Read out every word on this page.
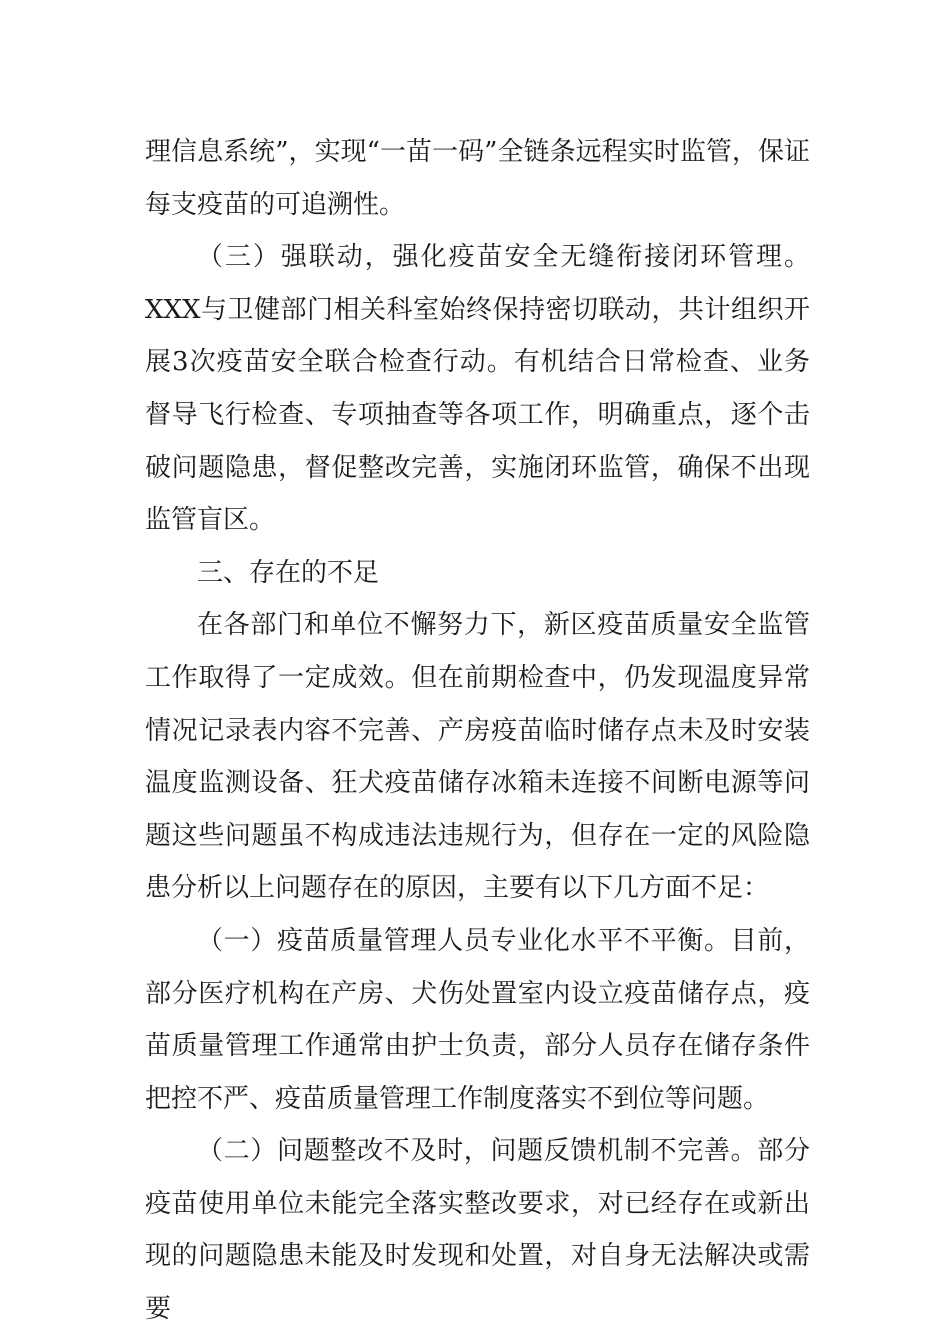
理信息系统”，实现“一苗一码”全链条远程实时监管，保证每支疫苗的可追溯性。

（三）强联动，强化疫苗安全无缝衔接闭环管理。XXX与卫健部门相关科室始终保持密切联动，共计组织开展3次疫苗安全联合检查行动。有机结合日常检查、业务督导飞行检查、专项抽查等各项工作，明确重点，逐个击破问题隐患，督促整改完善，实施闭环监管，确保不出现监管盲区。

三、存在的不足

在各部门和单位不懈努力下，新区疫苗质量安全监管工作取得了一定成效。但在前期检查中，仍发现温度异常情况记录表内容不完善、产房疫苗临时储存点未及时安装温度监测设备、狂犬疫苗储存冰箱未连接不间断电源等问题这些问题虽不构成违法违规行为，但存在一定的风险隐患分析以上问题存在的原因，主要有以下几方面不足：

（一）疫苗质量管理人员专业化水平不平衡。目前，部分医疗机构在产房、犬伤处置室内设立疫苗储存点，疫苗质量管理工作通常由护士负责，部分人员存在储存条件把控不严、疫苗质量管理工作制度落实不到位等问题。

（二）问题整改不及时，问题反馈机制不完善。部分疫苗使用单位未能完全落实整改要求，对已经存在或新出现的问题隐患未能及时发现和处置，对自身无法解决或需要
